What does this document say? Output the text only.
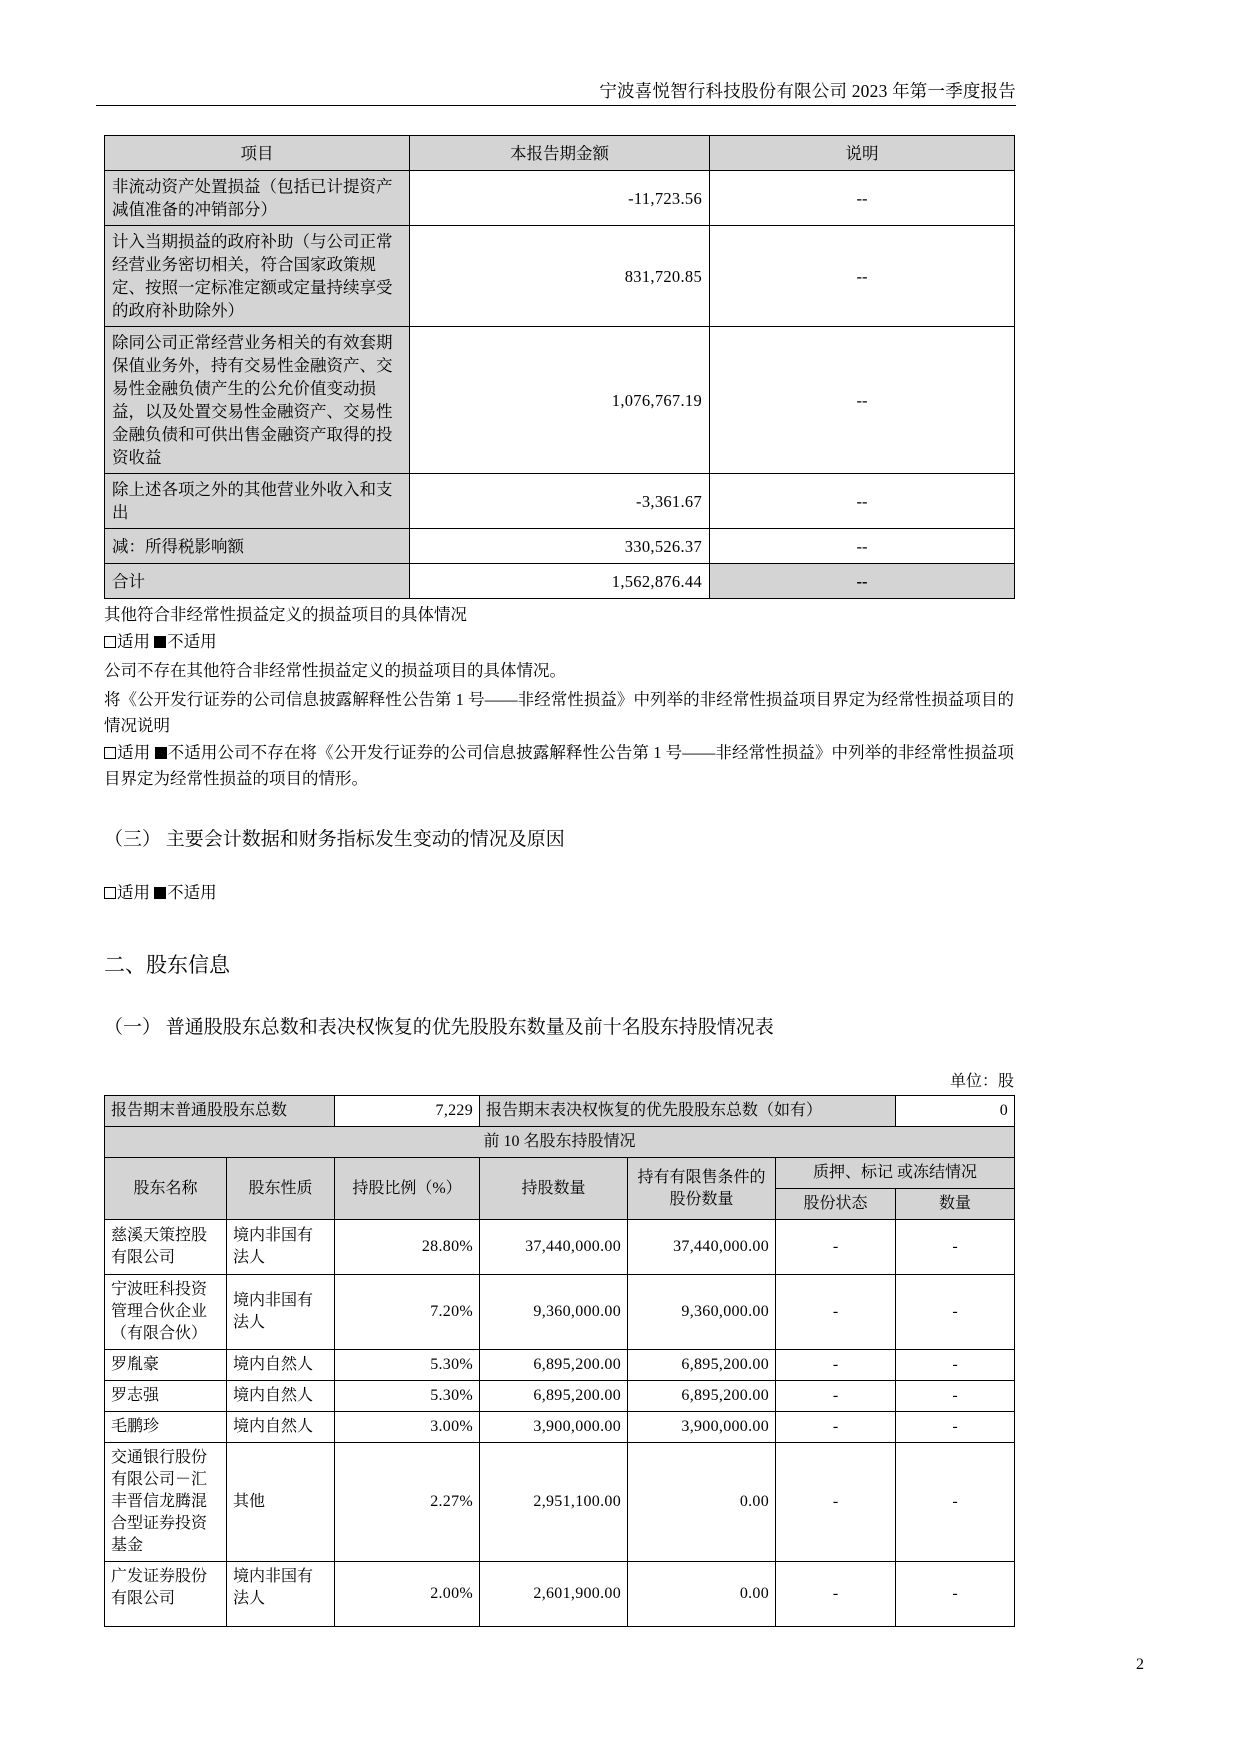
宁波喜悦智行科技股份有限公司 2023 年第一季度报告
项目	本报告期金额	说明
非流动资产处置损益（包括已计提资产减值准备的冲销部分）	-11,723.56	--
计入当期损益的政府补助（与公司正常经营业务密切相关，符合国家政策规定、按照一定标准定额或定量持续享受的政府补助除外）	831,720.85	--
除同公司正常经营业务相关的有效套期保值业务外，持有交易性金融资产、交易性金融负债产生的公允价值变动损益，以及处置交易性金融资产、交易性金融负债和可供出售金融资产取得的投资收益	1,076,767.19	--
除上述各项之外的其他营业外收入和支出	-3,361.67	--
减：所得税影响额	330,526.37	--
合计	1,562,876.44	--

其他符合非经常性损益定义的损益项目的具体情况

适用 不适用

公司不存在其他符合非经常性损益定义的损益项目的具体情况。

将《公开发行证券的公司信息披露解释性公告第 1 号——非经常性损益》中列举的非经常性损益项目界定为经常性损益项目的情况说明

适用 不适用公司不存在将《公开发行证券的公司信息披露解释性公告第 1 号——非经常性损益》中列举的非经常性损益项目界定为经常性损益的项目的情形。

（三） 主要会计数据和财务指标发生变动的情况及原因

适用 不适用

二、股东信息
（一） 普通股股东总数和表决权恢复的优先股股东数量及前十名股东持股情况表
单位：股
报告期末普通股股东总数		7,229	报告期末表决权恢复的优先股股东总数（如有）			0
前 10 名股东持股情况						
股东名称	股东性质	持股比例（%）	持股数量	持有有限售条件的股份数量	质押、标记 或冻结情况	
					股份状态	数量
慈溪天策控股有限公司	境内非国有法人	28.80%	37,440,000.00	37,440,000.00	-	-
宁波旺科投资管理合伙企业（有限合伙）	境内非国有法人	7.20%	9,360,000.00	9,360,000.00	-	-
罗胤豪	境内自然人	5.30%	6,895,200.00	6,895,200.00	-	-
罗志强	境内自然人	5.30%	6,895,200.00	6,895,200.00	-	-
毛鹏珍	境内自然人	3.00%	3,900,000.00	3,900,000.00	-	-
交通银行股份有限公司－汇丰晋信龙腾混合型证券投资基金	其他	2.27%	2,951,100.00	0.00	-	-
广发证券股份有限公司	境内非国有法人	2.00%	2,601,900.00	0.00	-	-
2
